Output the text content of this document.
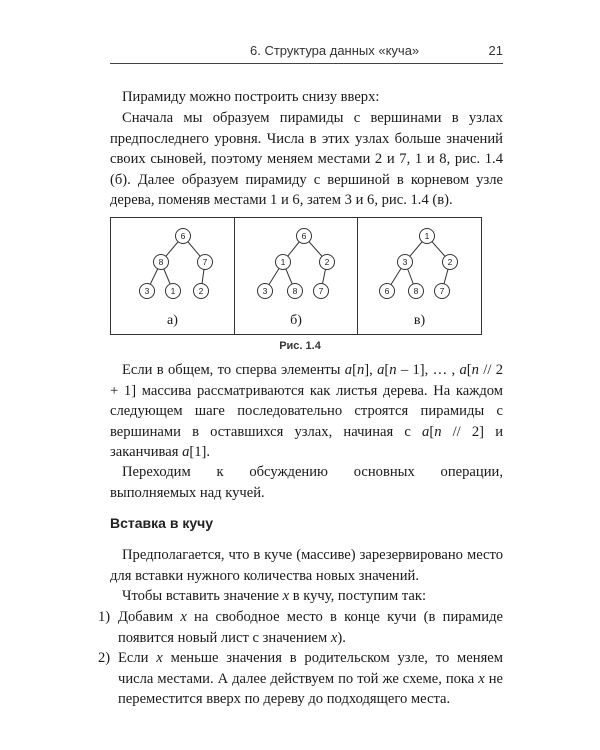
6. Структура данных «куча»	21

Пирамиду можно построить снизу вверх:

Сначала мы образуем пирамиды с вершинами в узлах предпоследнего уровня. Числа в этих узлах больше значений своих сыновей, поэтому меняем местами 2 и 7, 1 и 8, рис. 1.4 (б). Далее образуем пирамиду с вершиной в корневом узле дерева, поменяв местами 1 и 6, затем 3 и 6, рис. 1.4 (в).

6
8	7
3	1	2
а)
6
1	2
3	8	7
б)
1
3	2
6	8	7
в)
Рис. 1.4

Если в общем, то сперва элементы a[n], a[n – 1], … , a[n // 2 + 1] массива рассматриваются как листья дерева. На каждом следующем шаге последовательно строятся пирамиды с вершинами в оставшихся узлах, начиная с a[n // 2] и заканчивая a[1].

Переходим к обсуждению основных операции, выполняемых над кучей.

Вставка в кучу

Предполагается, что в куче (массиве) зарезервировано место для вставки нужного количества новых значений.

Чтобы вставить значение x в кучу, поступим так:

1) Добавим x на свободное место в конце кучи (в пирамиде появится новый лист с значением x).
2) Если x меньше значения в родительском узле, то меняем числа местами. А далее действуем по той же схеме, пока x не переместится вверх по дереву до подходящего места.
